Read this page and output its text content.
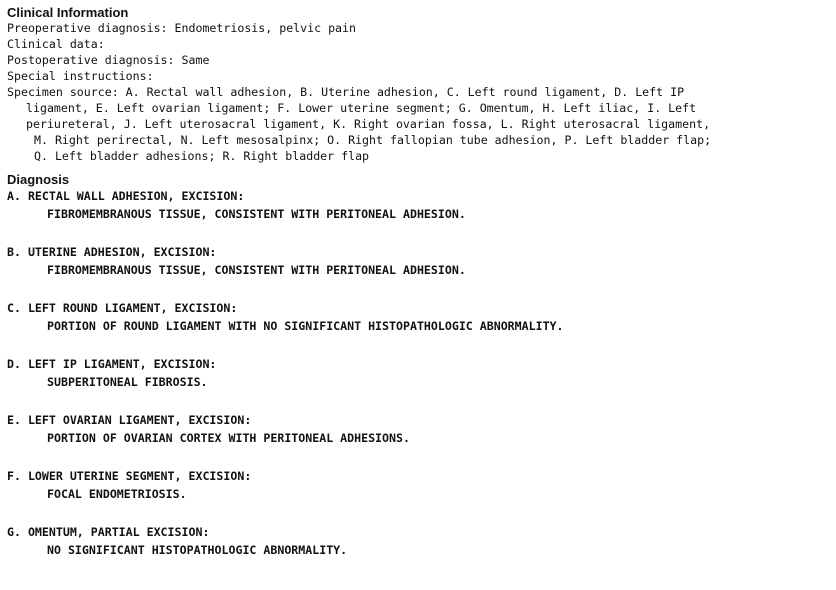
Clinical Information
Preoperative diagnosis: Endometriosis, pelvic pain
Clinical data:
Postoperative diagnosis: Same
Special instructions:
Specimen source: A. Rectal wall adhesion, B. Uterine adhesion, C. Left round ligament, D. Left IP
ligament, E. Left ovarian ligament; F. Lower uterine segment; G. Omentum, H. Left iliac, I. Left
periureteral, J. Left uterosacral ligament, K. Right ovarian fossa, L. Right uterosacral ligament,
M. Right perirectal, N. Left mesosalpinx; O. Right fallopian tube adhesion, P. Left bladder flap;
Q. Left bladder adhesions; R. Right bladder flap
Diagnosis
A. RECTAL WALL ADHESION, EXCISION:
FIBROMEMBRANOUS TISSUE, CONSISTENT WITH PERITONEAL ADHESION.
B. UTERINE ADHESION, EXCISION:
FIBROMEMBRANOUS TISSUE, CONSISTENT WITH PERITONEAL ADHESION.
C. LEFT ROUND LIGAMENT, EXCISION:
PORTION OF ROUND LIGAMENT WITH NO SIGNIFICANT HISTOPATHOLOGIC ABNORMALITY.
D. LEFT IP LIGAMENT, EXCISION:
SUBPERITONEAL FIBROSIS.
E. LEFT OVARIAN LIGAMENT, EXCISION:
PORTION OF OVARIAN CORTEX WITH PERITONEAL ADHESIONS.
F. LOWER UTERINE SEGMENT, EXCISION:
FOCAL ENDOMETRIOSIS.
G. OMENTUM, PARTIAL EXCISION:
NO SIGNIFICANT HISTOPATHOLOGIC ABNORMALITY.
